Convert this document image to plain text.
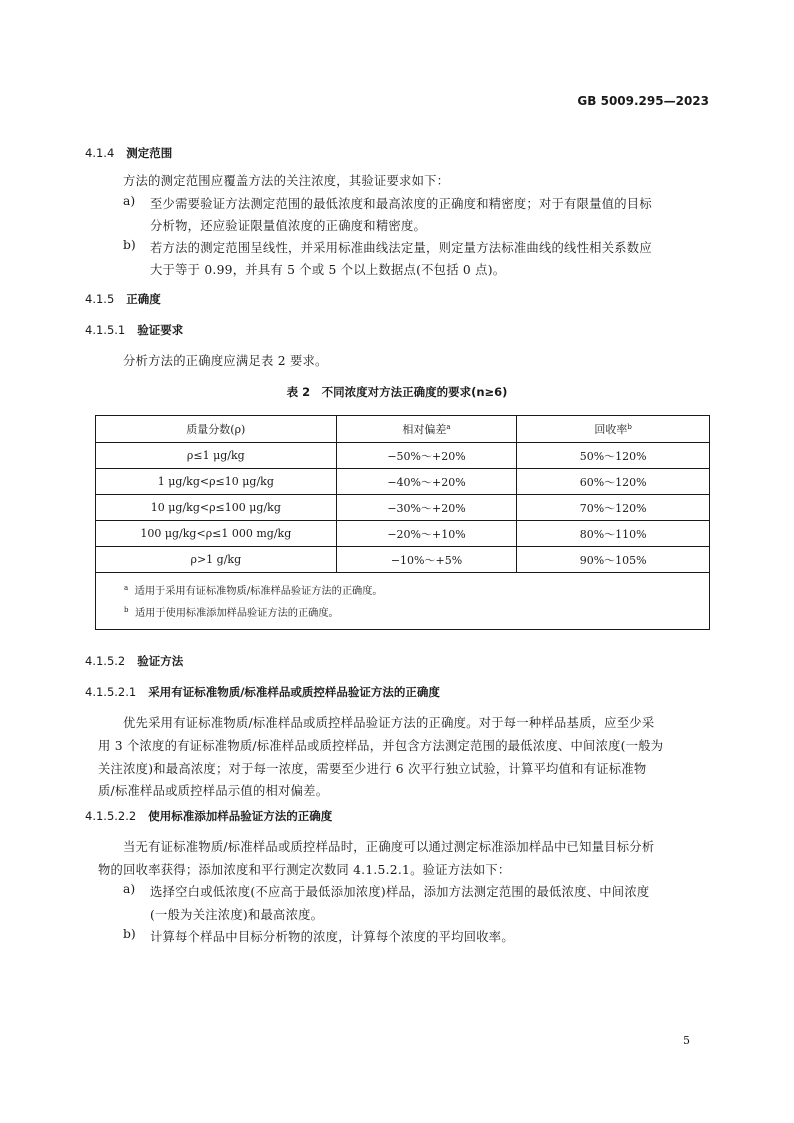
GB 5009.295—2023
4.1.4 测定范围
方法的测定范围应覆盖方法的关注浓度，其验证要求如下：
a) 至少需要验证方法测定范围的最低浓度和最高浓度的正确度和精密度；对于有限量值的目标
分析物，还应验证限量值浓度的正确度和精密度。
b) 若方法的测定范围呈线性，并采用标准曲线法定量，则定量方法标准曲线的线性相关系数应
大于等于 0.99，并具有 5 个或 5 个以上数据点(不包括 0 点)。
4.1.5 正确度
4.1.5.1 验证要求
分析方法的正确度应满足表 2 要求。
表 2　不同浓度对方法正确度的要求(n≥6)
质量分数(ρ)	相对偏差$^a$	回收率$^b$
ρ≤1 μg/kg	−50%～+20%	50%～120%
1 μg/kg<ρ≤10 μg/kg	−40%～+20%	60%～120%
10 μg/kg<ρ≤100 μg/kg	−30%～+20%	70%～120%
100 μg/kg<ρ≤1 000 mg/kg	−20%～+10%	80%～110%
ρ>1 g/kg	−10%～+5%	90%～105%

$^a$ 适用于采用有证标准物质/标准样品验证方法的正确度。
$^b$ 适用于使用标准添加样品验证方法的正确度。		
4.1.5.2 验证方法
4.1.5.2.1 采用有证标准物质/标准样品或质控样品验证方法的正确度
优先采用有证标准物质/标准样品或质控样品验证方法的正确度。对于每一种样品基质，应至少采
用 3 个浓度的有证标准物质/标准样品或质控样品，并包含方法测定范围的最低浓度、中间浓度(一般为
关注浓度)和最高浓度；对于每一浓度，需要至少进行 6 次平行独立试验，计算平均值和有证标准物
质/标准样品或质控样品示值的相对偏差。
4.1.5.2.2 使用标准添加样品验证方法的正确度
当无有证标准物质/标准样品或质控样品时，正确度可以通过测定标准添加样品中已知量目标分析
物的回收率获得；添加浓度和平行测定次数同 4.1.5.2.1。验证方法如下：
a) 选择空白或低浓度(不应高于最低添加浓度)样品，添加方法测定范围的最低浓度、中间浓度
(一般为关注浓度)和最高浓度。
b) 计算每个样品中目标分析物的浓度，计算每个浓度的平均回收率。
5
